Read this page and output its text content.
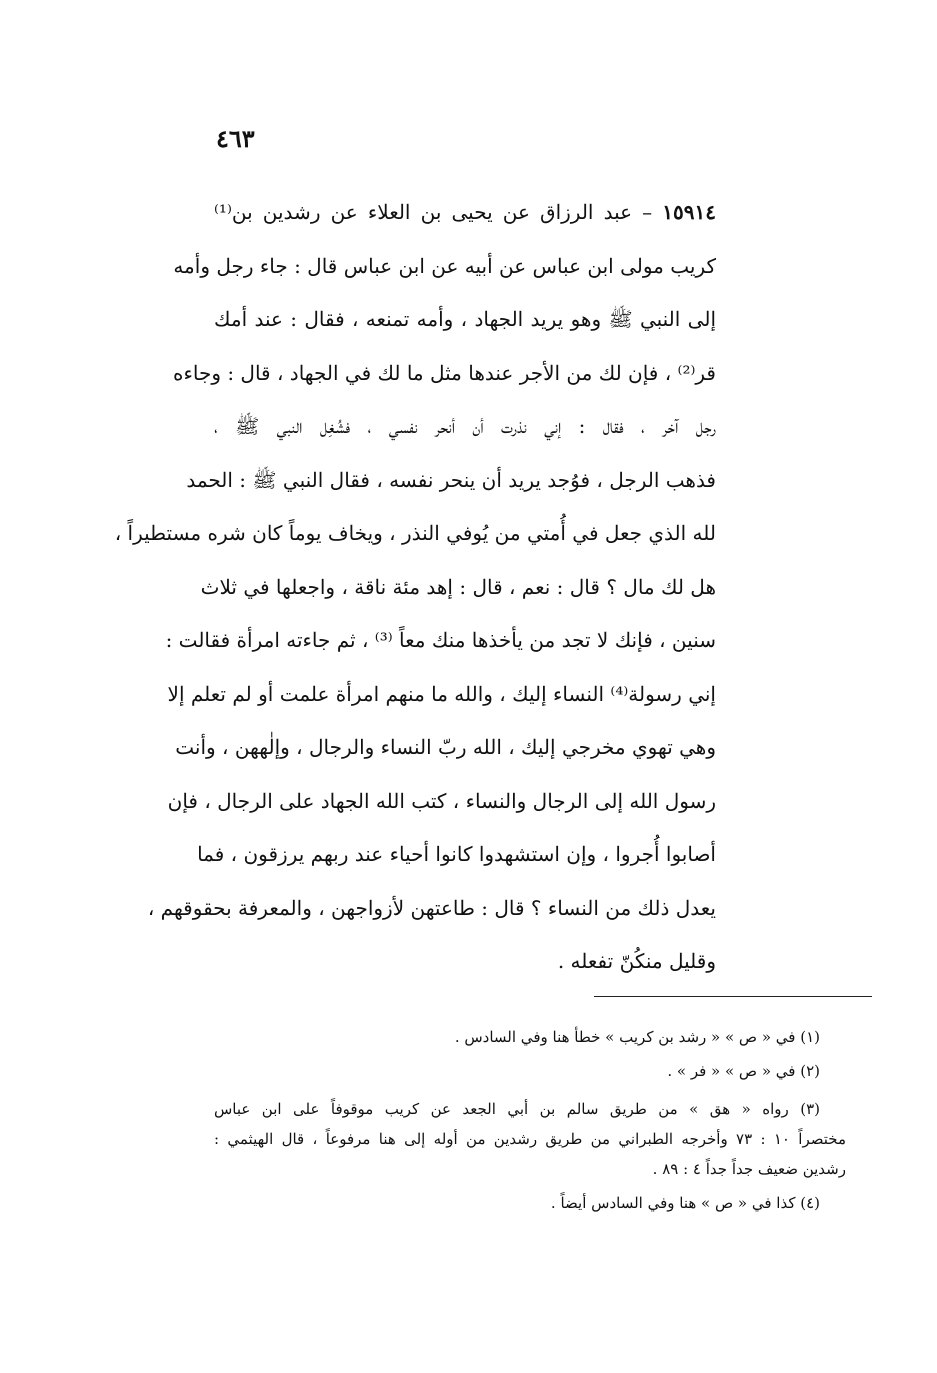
٤٦٣
١٥٩١٤ – عبد الرزاق عن يحيى بن العلاء عن رشدين بن⁽¹⁾
كريب مولى ابن عباس عن أبيه عن ابن عباس قال : جاء رجل وأمه
إلى النبي ﷺ وهو يريد الجهاد ، وأمه تمنعه ، فقال : عند أمك
قر⁽²⁾ ، فإن لك من الأجر عندها مثل ما لك في الجهاد ، قال : وجاءه
رجل آخر ، فقال : إني نذرت أن أنحر نفسي ، فشُغِل النبي ﷺ ،
فذهب الرجل ، فوُجد يريد أن ينحر نفسه ، فقال النبي ﷺ : الحمد
لله الذي جعل في أُمتي من يُوفي النذر ، ويخاف يوماً كان شره مستطيراً ،
هل لك مال ؟ قال : نعم ، قال : إهد مئة ناقة ، واجعلها في ثلاث
سنين ، فإنك لا تجد من يأخذها منك معاً ⁽³⁾ ، ثم جاءته امرأة فقالت :
إني رسولة⁽⁴⁾ النساء إليك ، والله ما منهم امرأة علمت أو لم تعلم إلا
وهي تهوي مخرجي إليك ، الله ربّ النساء والرجال ، وإلٰههن ، وأنت
رسول الله إلى الرجال والنساء ، كتب الله الجهاد على الرجال ، فإن
أصابوا أُجروا ، وإن استشهدوا كانوا أحياء عند ربهم يرزقون ، فما
يعدل ذلك من النساء ؟ قال : طاعتهن لأزواجهن ، والمعرفة بحقوقهم ،
وقليل منكُنّ تفعله .
(١) في « ص » « رشد بن كريب » خطأ هنا وفي السادس .
(٢) في « ص » « فر » .
(٣) رواه « هق » من طريق سالم بن أبي الجعد عن كريب موقوفاً على ابن عباس
مختصراً ١٠ : ٧٣ وأخرجه الطبراني من طريق رشدين من أوله إلى هنا مرفوعاً ، قال الهيثمي :
رشدين ضعيف جداً جداً ٤ : ٨٩ .
(٤) كذا في « ص » هنا وفي السادس أيضاً .
